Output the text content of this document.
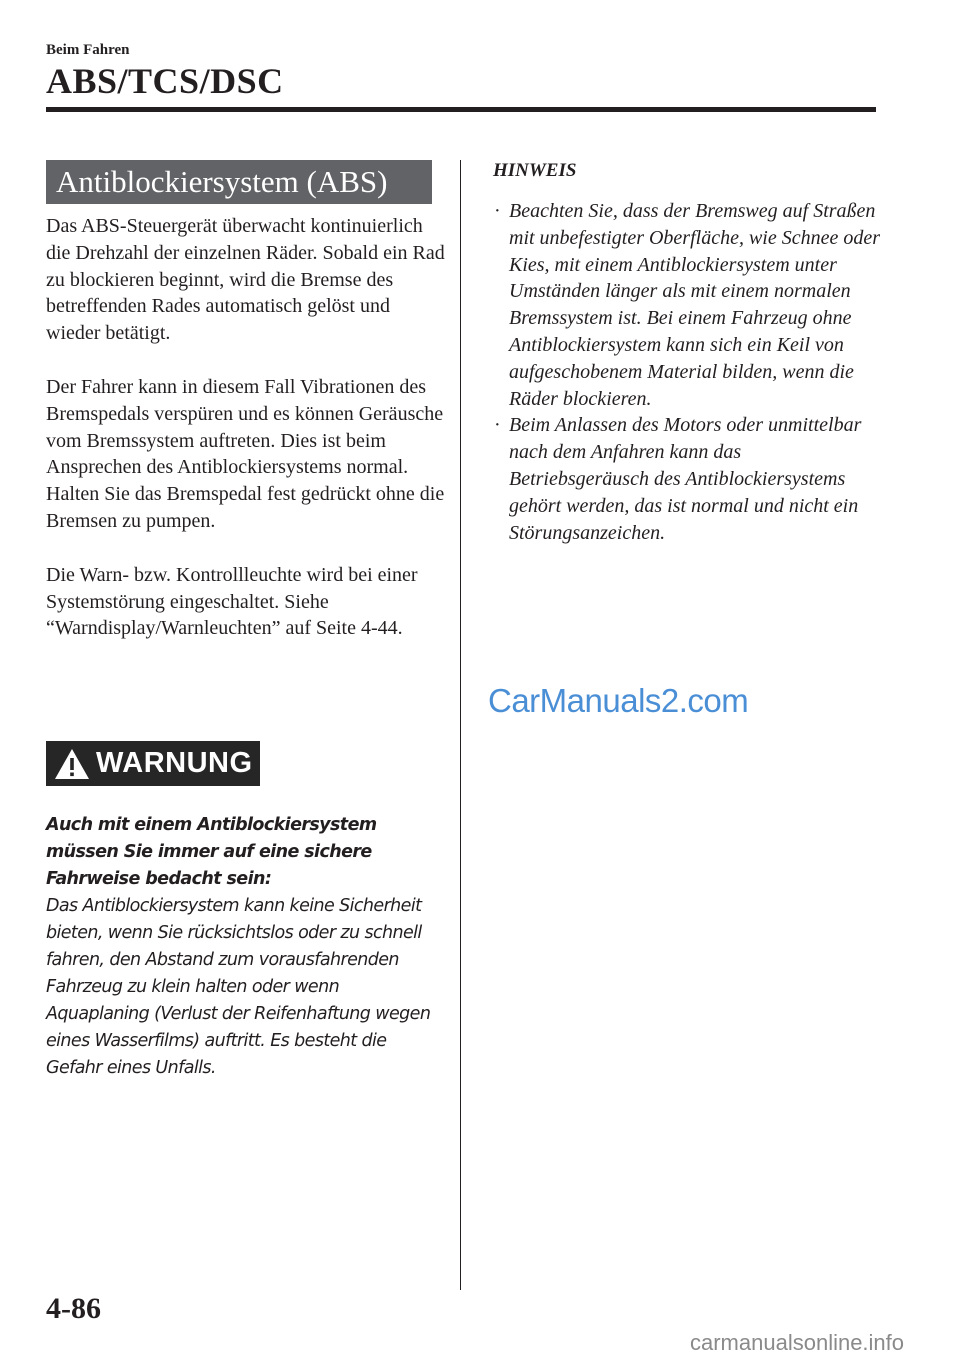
Beim Fahren
ABS/TCS/DSC
Antiblockiersystem (ABS)

Das ABS-Steuergerät überwacht kontinuierlich die Drehzahl der einzelnen Räder. Sobald ein Rad zu blockieren beginnt, wird die Bremse des betreffenden Rades automatisch gelöst und wieder betätigt.

Der Fahrer kann in diesem Fall Vibrationen des Bremspedals verspüren und es können Geräusche vom Bremssystem auftreten. Dies ist beim Ansprechen des Antiblockiersystems normal. Halten Sie das Bremspedal fest gedrückt ohne die Bremsen zu pumpen.

Die Warn- bzw. Kontrollleuchte wird bei einer Systemstörung eingeschaltet. Siehe “Warndisplay/Warnleuchten” auf Seite 4-44.

WARNUNG
Auch mit einem Antiblockiersystem müssen Sie immer auf eine sichere Fahrweise bedacht sein:
Das Antiblockiersystem kann keine Sicherheit bieten, wenn Sie rücksichtslos oder zu schnell fahren, den Abstand zum vorausfahrenden Fahrzeug zu klein halten oder wenn Aquaplaning (Verlust der Reifenhaftung wegen eines Wasserfilms) auftritt. Es besteht die Gefahr eines Unfalls.
HINWEIS
· Beachten Sie, dass der Bremsweg auf Straßen mit unbefestigter Oberfläche, wie Schnee oder Kies, mit einem Antiblockiersystem unter Umständen länger als mit einem normalen Bremssystem ist. Bei einem Fahrzeug ohne Antiblockiersystem kann sich ein Keil von aufgeschobenem Material bilden, wenn die Räder blockieren.
· Beim Anlassen des Motors oder unmittelbar nach dem Anfahren kann das Betriebsgeräusch des Antiblockiersystems gehört werden, das ist normal und nicht ein Störungsanzeichen.
CarManuals2.com
4-86
carmanualsonline.info
